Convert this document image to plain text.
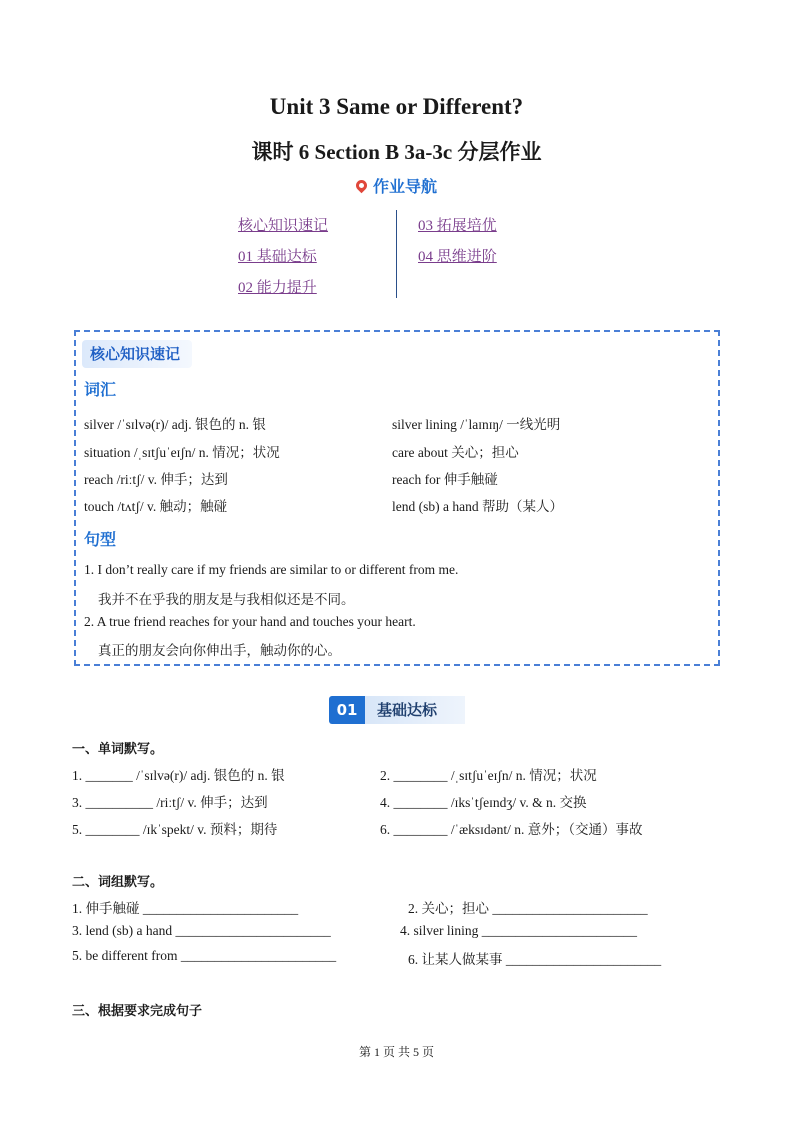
Unit 3 Same or Different?
课时 6 Section B 3a-3c 分层作业
作业导航
核心知识速记
01 基础达标
02 能力提升
03 拓展培优
04 思维进阶
核心知识速记
词汇
silver /ˈsɪlvə(r)/ adj. 银色的 n. 银	silver lining /ˈlaɪnɪŋ/ 一线光明
situation /ˌsɪtʃuˈeɪʃn/ n. 情况；状况	care about 关心；担心
reach /riːtʃ/ v. 伸手；达到	reach for 伸手触碰
touch /tʌtʃ/ v. 触动；触碰	lend (sb) a hand 帮助（某人）
句型
1. I don’t really care if my friends are similar to or different from me.
我并不在乎我的朋友是与我相似还是不同。
2. A true friend reaches for your hand and touches your heart.
真正的朋友会向你伸出手，触动你的心。
01	基础达标
一、单词默写。
1. _______ /ˈsɪlvə(r)/ adj. 银色的 n. 银	2. ________ /ˌsɪtʃuˈeɪʃn/ n. 情况；状况
3. __________ /riːtʃ/ v. 伸手；达到	4. ________ /ɪksˈtʃeɪndʒ/ v. & n. 交换
5. ________ /ɪkˈspekt/ v. 预料；期待	6. ________ /ˈæksɪdənt/ n. 意外；（交通）事故
二、词组默写。
1. 伸手触碰 _______________________	2. 关心；担心 _______________________
3. lend (sb) a hand _______________________	4. silver lining _______________________
5. be different from _______________________	6. 让某人做某事 _______________________
三、根据要求完成句子
第 1 页 共 5 页
